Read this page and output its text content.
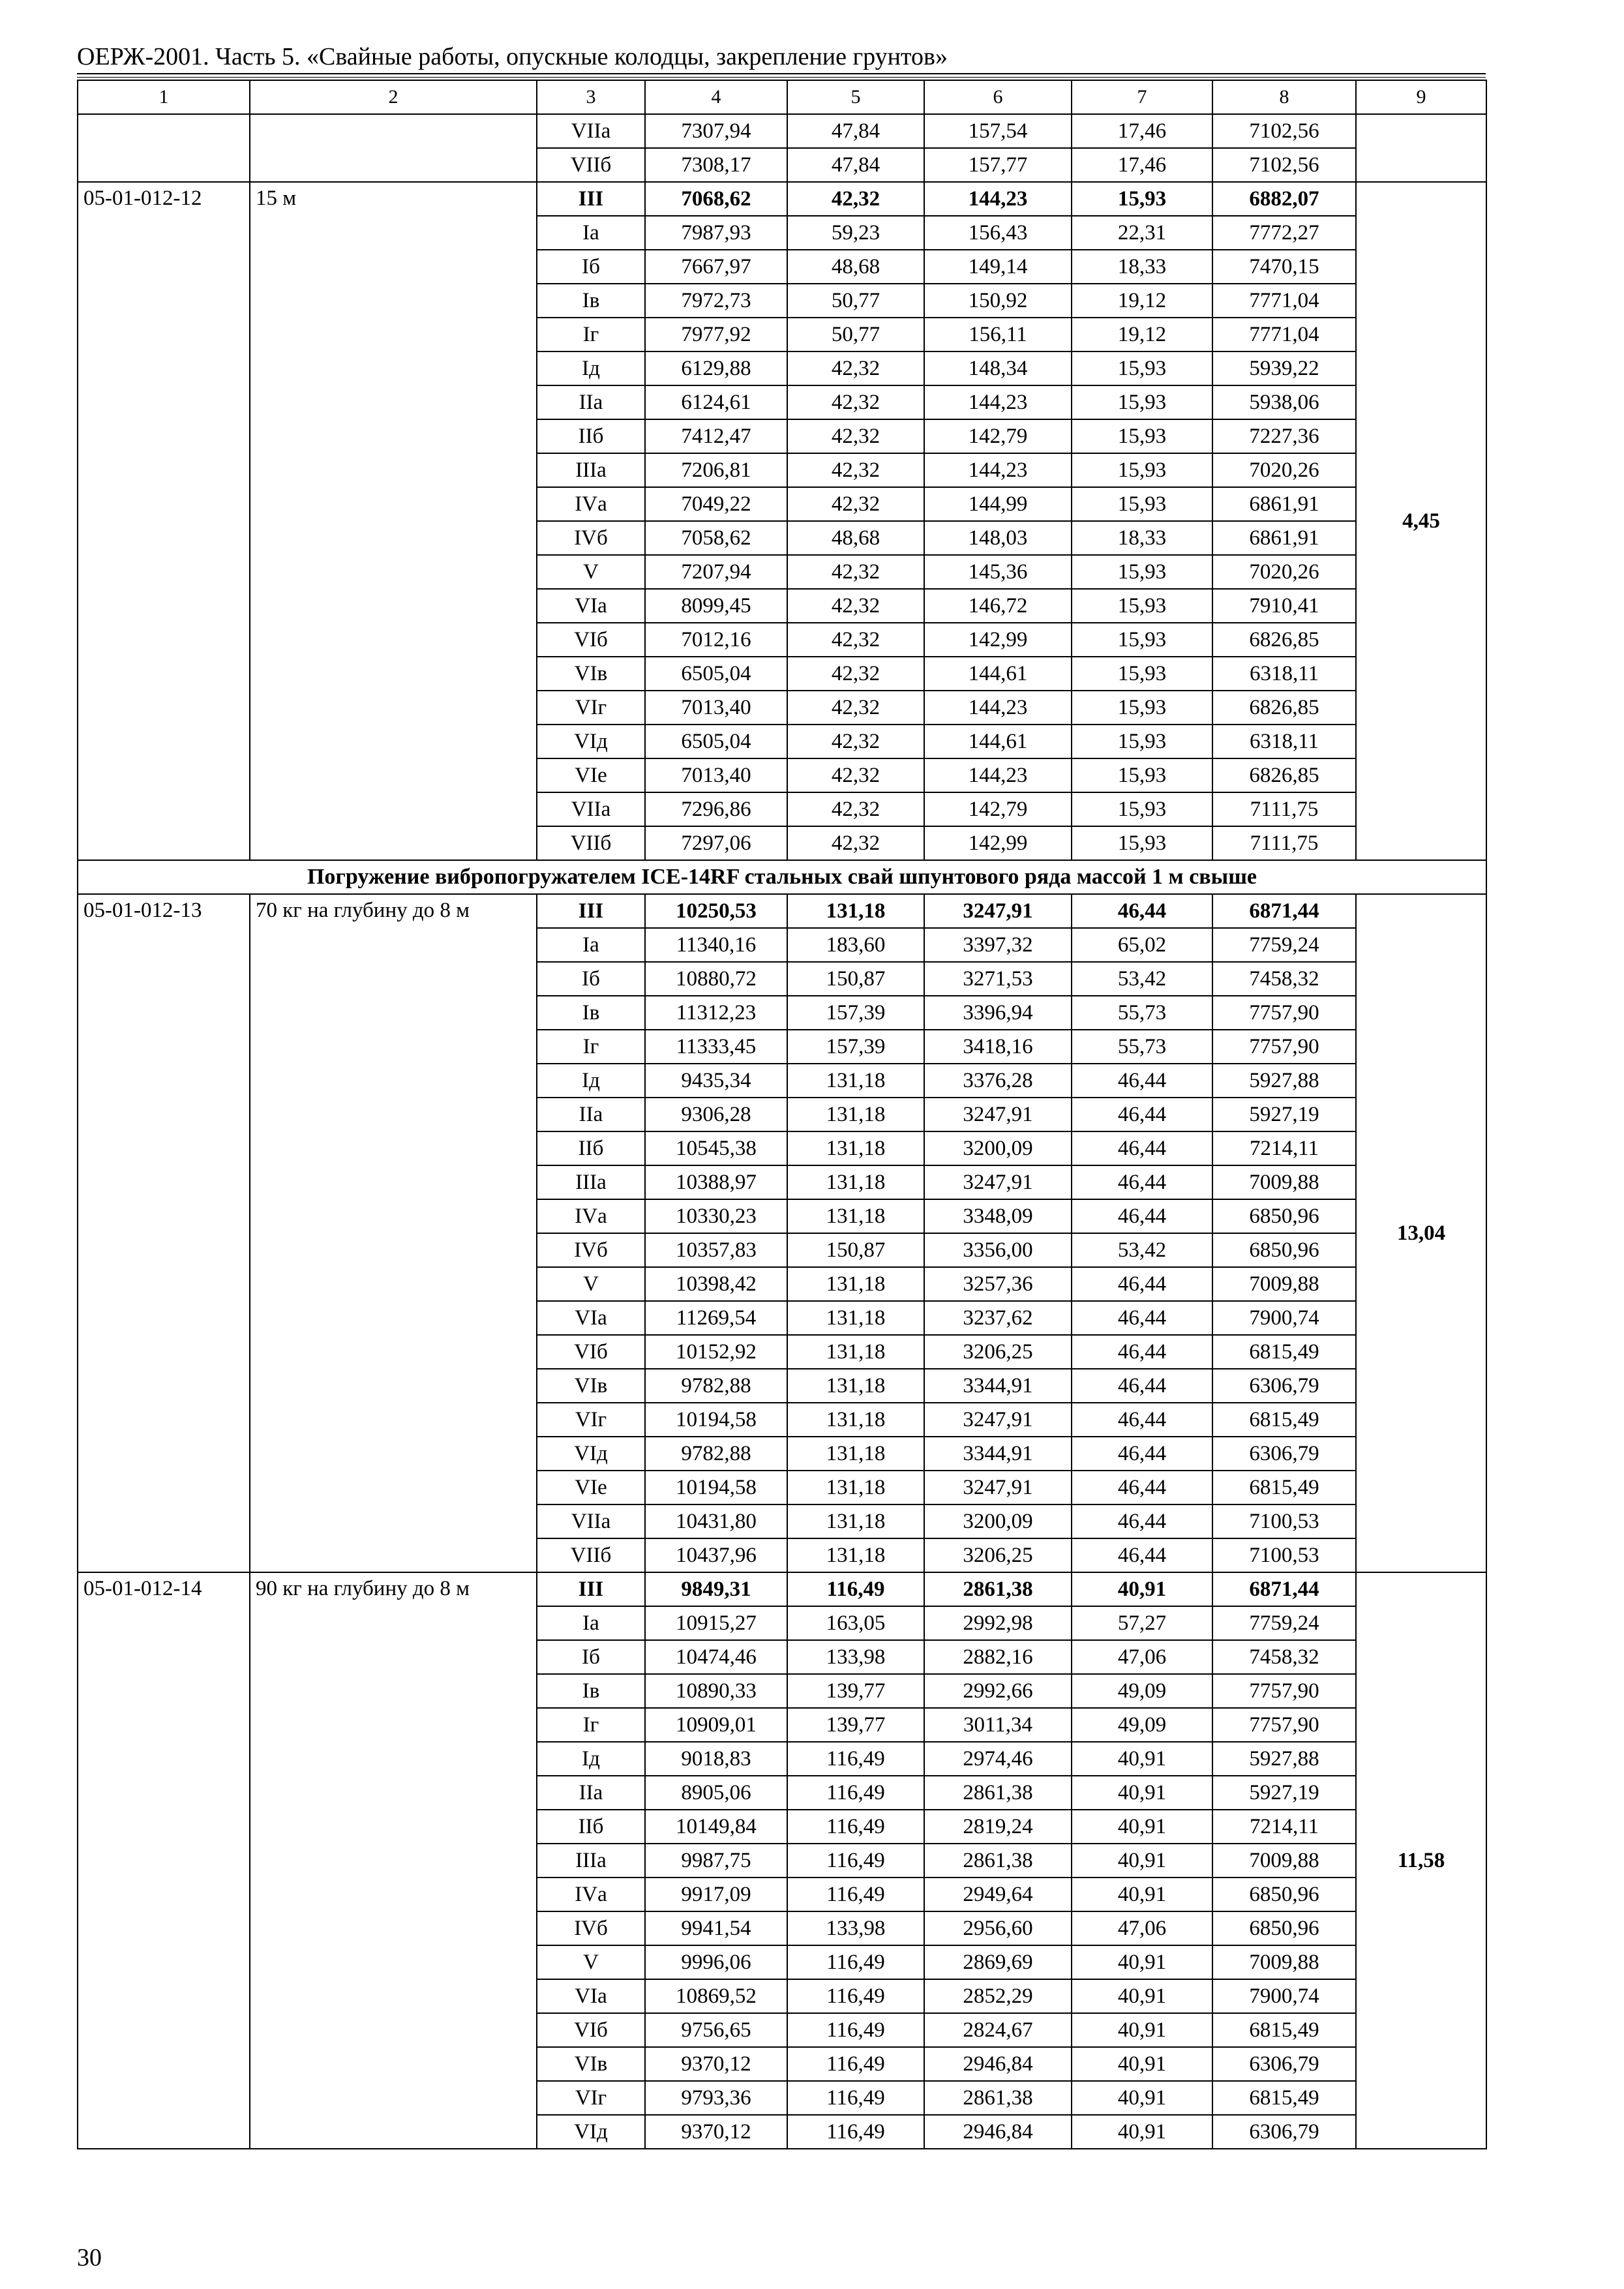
ОЕРЖ-2001. Часть 5. «Свайные работы, опускные колодцы, закрепление грунтов»
1	2	3	4	5	6	7	8	9
		VIIа	7307,94	47,84	157,54	17,46	7102,56	
		VIIб	7308,17	47,84	157,77	17,46	7102,56	
05-01-012-12	15 м	III	7068,62	42,32	144,23	15,93	6882,07	4,45
		Iа	7987,93	59,23	156,43	22,31	7772,27	
		Iб	7667,97	48,68	149,14	18,33	7470,15	
		Iв	7972,73	50,77	150,92	19,12	7771,04	
		Iг	7977,92	50,77	156,11	19,12	7771,04	
		Iд	6129,88	42,32	148,34	15,93	5939,22	
		IIа	6124,61	42,32	144,23	15,93	5938,06	
		IIб	7412,47	42,32	142,79	15,93	7227,36	
		IIIа	7206,81	42,32	144,23	15,93	7020,26	
		IVа	7049,22	42,32	144,99	15,93	6861,91	
		IVб	7058,62	48,68	148,03	18,33	6861,91	
		V	7207,94	42,32	145,36	15,93	7020,26	
		VIа	8099,45	42,32	146,72	15,93	7910,41	
		VIб	7012,16	42,32	142,99	15,93	6826,85	
		VIв	6505,04	42,32	144,61	15,93	6318,11	
		VIг	7013,40	42,32	144,23	15,93	6826,85	
		VIд	6505,04	42,32	144,61	15,93	6318,11	
		VIе	7013,40	42,32	144,23	15,93	6826,85	
		VIIа	7296,86	42,32	142,79	15,93	7111,75	
		VIIб	7297,06	42,32	142,99	15,93	7111,75	
Погружение вибропогружателем ICE-14RF стальных свай шпунтового ряда массой 1 м свыше								
05-01-012-13	70 кг на глубину до 8 м	III	10250,53	131,18	3247,91	46,44	6871,44	13,04
		Iа	11340,16	183,60	3397,32	65,02	7759,24	
		Iб	10880,72	150,87	3271,53	53,42	7458,32	
		Iв	11312,23	157,39	3396,94	55,73	7757,90	
		Iг	11333,45	157,39	3418,16	55,73	7757,90	
		Iд	9435,34	131,18	3376,28	46,44	5927,88	
		IIа	9306,28	131,18	3247,91	46,44	5927,19	
		IIб	10545,38	131,18	3200,09	46,44	7214,11	
		IIIа	10388,97	131,18	3247,91	46,44	7009,88	
		IVа	10330,23	131,18	3348,09	46,44	6850,96	
		IVб	10357,83	150,87	3356,00	53,42	6850,96	
		V	10398,42	131,18	3257,36	46,44	7009,88	
		VIа	11269,54	131,18	3237,62	46,44	7900,74	
		VIб	10152,92	131,18	3206,25	46,44	6815,49	
		VIв	9782,88	131,18	3344,91	46,44	6306,79	
		VIг	10194,58	131,18	3247,91	46,44	6815,49	
		VIд	9782,88	131,18	3344,91	46,44	6306,79	
		VIе	10194,58	131,18	3247,91	46,44	6815,49	
		VIIа	10431,80	131,18	3200,09	46,44	7100,53	
		VIIб	10437,96	131,18	3206,25	46,44	7100,53	
05-01-012-14	90 кг на глубину до 8 м	III	9849,31	116,49	2861,38	40,91	6871,44	11,58
		Iа	10915,27	163,05	2992,98	57,27	7759,24	
		Iб	10474,46	133,98	2882,16	47,06	7458,32	
		Iв	10890,33	139,77	2992,66	49,09	7757,90	
		Iг	10909,01	139,77	3011,34	49,09	7757,90	
		Iд	9018,83	116,49	2974,46	40,91	5927,88	
		IIа	8905,06	116,49	2861,38	40,91	5927,19	
		IIб	10149,84	116,49	2819,24	40,91	7214,11	
		IIIа	9987,75	116,49	2861,38	40,91	7009,88	
		IVа	9917,09	116,49	2949,64	40,91	6850,96	
		IVб	9941,54	133,98	2956,60	47,06	6850,96	
		V	9996,06	116,49	2869,69	40,91	7009,88	
		VIа	10869,52	116,49	2852,29	40,91	7900,74	
		VIб	9756,65	116,49	2824,67	40,91	6815,49	
		VIв	9370,12	116,49	2946,84	40,91	6306,79	
		VIг	9793,36	116,49	2861,38	40,91	6815,49	
		VIд	9370,12	116,49	2946,84	40,91	6306,79	
30
